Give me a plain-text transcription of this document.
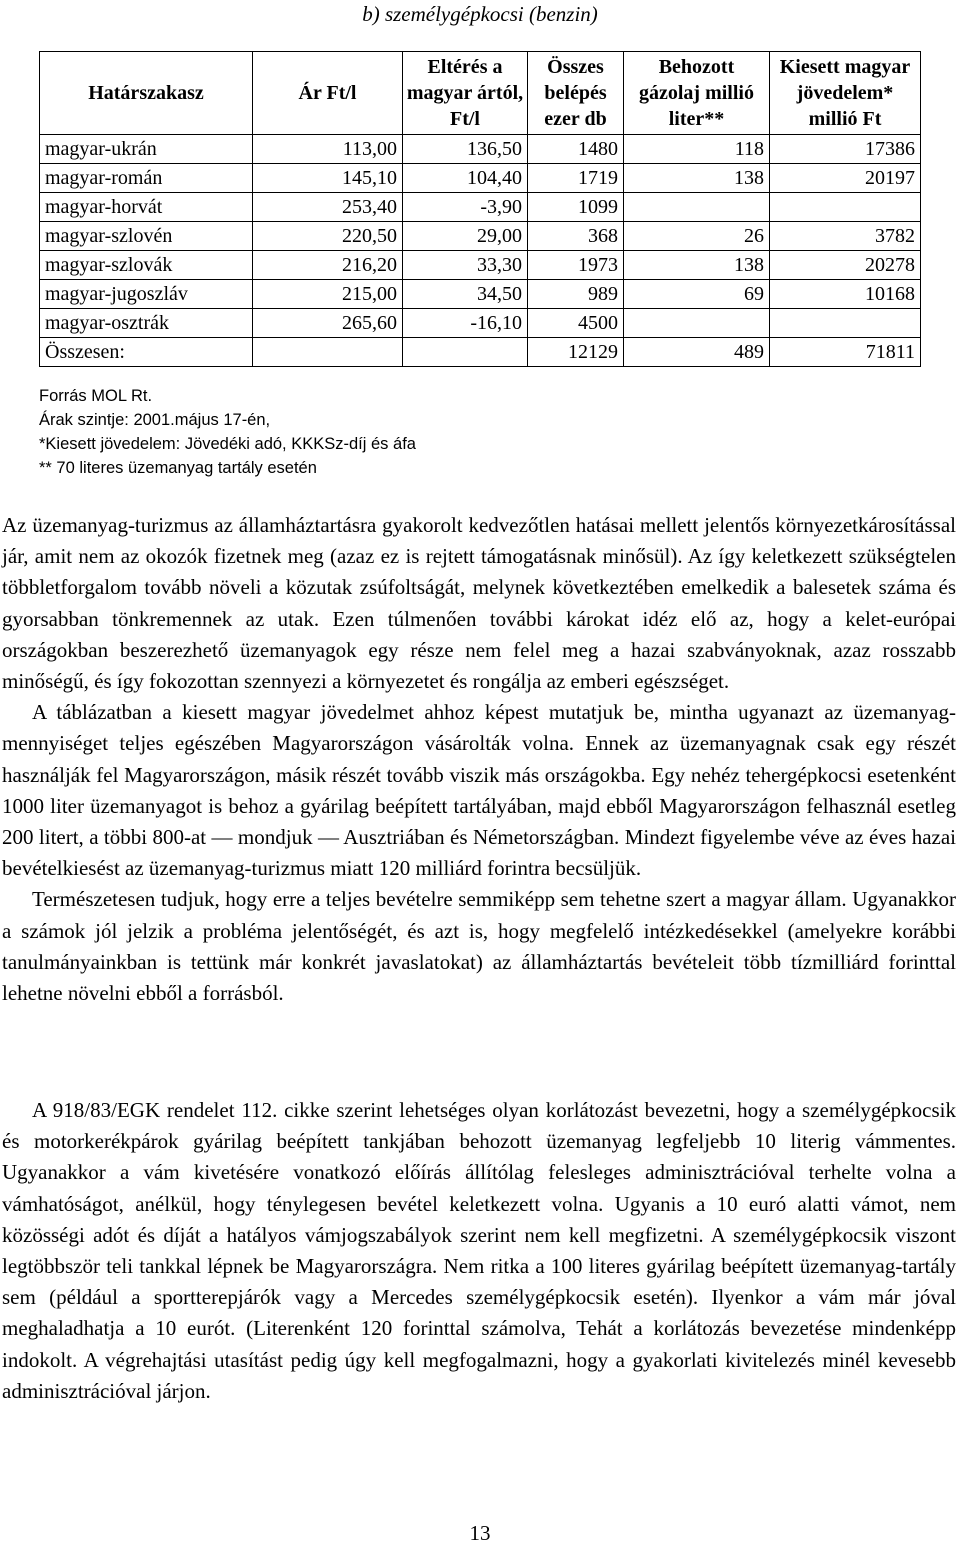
b) személygépkocsi (benzin)
Határszakasz	Ár Ft/l	Eltérés a magyar ártól, Ft/l	Összes belépés ezer db	Behozott gázolaj millió liter**	Kiesett magyar jövedelem* millió Ft
magyar-ukrán	113,00	136,50	1480	118	17386
magyar-román	145,10	104,40	1719	138	20197
magyar-horvát	253,40	-3,90	1099		
magyar-szlovén	220,50	29,00	368	26	3782
magyar-szlovák	216,20	33,30	1973	138	20278
magyar-jugoszláv	215,00	34,50	989	69	10168
magyar-osztrák	265,60	-16,10	4500		
Összesen:			12129	489	71811
Forrás MOL Rt.
Árak szintje: 2001.május 17-én,
*Kiesett jövedelem: Jövedéki adó, KKKSz-díj és áfa
** 70 literes üzemanyag tartály esetén

Az üzemanyag-turizmus az államháztartásra gyakorolt kedvezőtlen hatásai mellett jelentős környezetkárosítással jár, amit nem az okozók fizetnek meg (azaz ez is rejtett támogatásnak minősül). Az így keletkezett szükségtelen többletforgalom tovább növeli a közutak zsúfoltságát, melynek következtében emelkedik a balesetek száma és gyorsabban tönkremennek az utak. Ezen túlmenően további károkat idéz elő az, hogy a kelet-európai országokban beszerezhető üzemanyagok egy része nem felel meg a hazai szabványoknak, azaz rosszabb minőségű, és így fokozottan szennyezi a környezetet és rongálja az emberi egészséget.

A táblázatban a kiesett magyar jövedelmet ahhoz képest mutatjuk be, mintha ugyanazt az üzemanyag-mennyiséget teljes egészében Magyarországon vásárolták volna. Ennek az üzemanyagnak csak egy részét használják fel Magyarországon, másik részét tovább viszik más országokba. Egy nehéz tehergépkocsi esetenként 1000 liter üzemanyagot is behoz a gyárilag beépített tartályában, majd ebből Magyarországon felhasznál esetleg 200 litert, a többi 800-at — mondjuk — Ausztriában és Németországban. Mindezt figyelembe véve az éves hazai bevételkiesést az üzemanyag-turizmus miatt 120 milliárd forintra becsüljük.

Természetesen tudjuk, hogy erre a teljes bevételre semmiképp sem tehetne szert a magyar állam. Ugyanakkor a számok jól jelzik a probléma jelentőségét, és azt is, hogy megfelelő intézkedésekkel (amelyekre korábbi tanulmányainkban is tettünk már konkrét javaslatokat) az államháztartás bevételeit több tízmilliárd forinttal lehetne növelni ebből a forrásból.

A 918/83/EGK rendelet 112. cikke szerint lehetséges olyan korlátozást bevezetni, hogy a személygépkocsik és motorkerékpárok gyárilag beépített tankjában behozott üzemanyag legfeljebb 10 literig vámmentes. Ugyanakkor a vám kivetésére vonatkozó előírás állítólag felesleges adminisztrációval terhelte volna a vámhatóságot, anélkül, hogy ténylegesen bevétel keletkezett volna. Ugyanis a 10 euró alatti vámot, nem közösségi adót és díját a hatályos vámjogszabályok szerint nem kell megfizetni. A személygépkocsik viszont legtöbbször teli tankkal lépnek be Magyarországra. Nem ritka a 100 literes gyárilag beépített üzemanyag-tartály sem (például a sportterepjárók vagy a Mercedes személygépkocsik esetén). Ilyenkor a vám már jóval meghaladhatja a 10 eurót. (Literenként 120 forinttal számolva, Tehát a korlátozás bevezetése mindenképp indokolt. A végrehajtási utasítást pedig úgy kell megfogalmazni, hogy a gyakorlati kivitelezés minél kevesebb adminisztrációval járjon.

13
